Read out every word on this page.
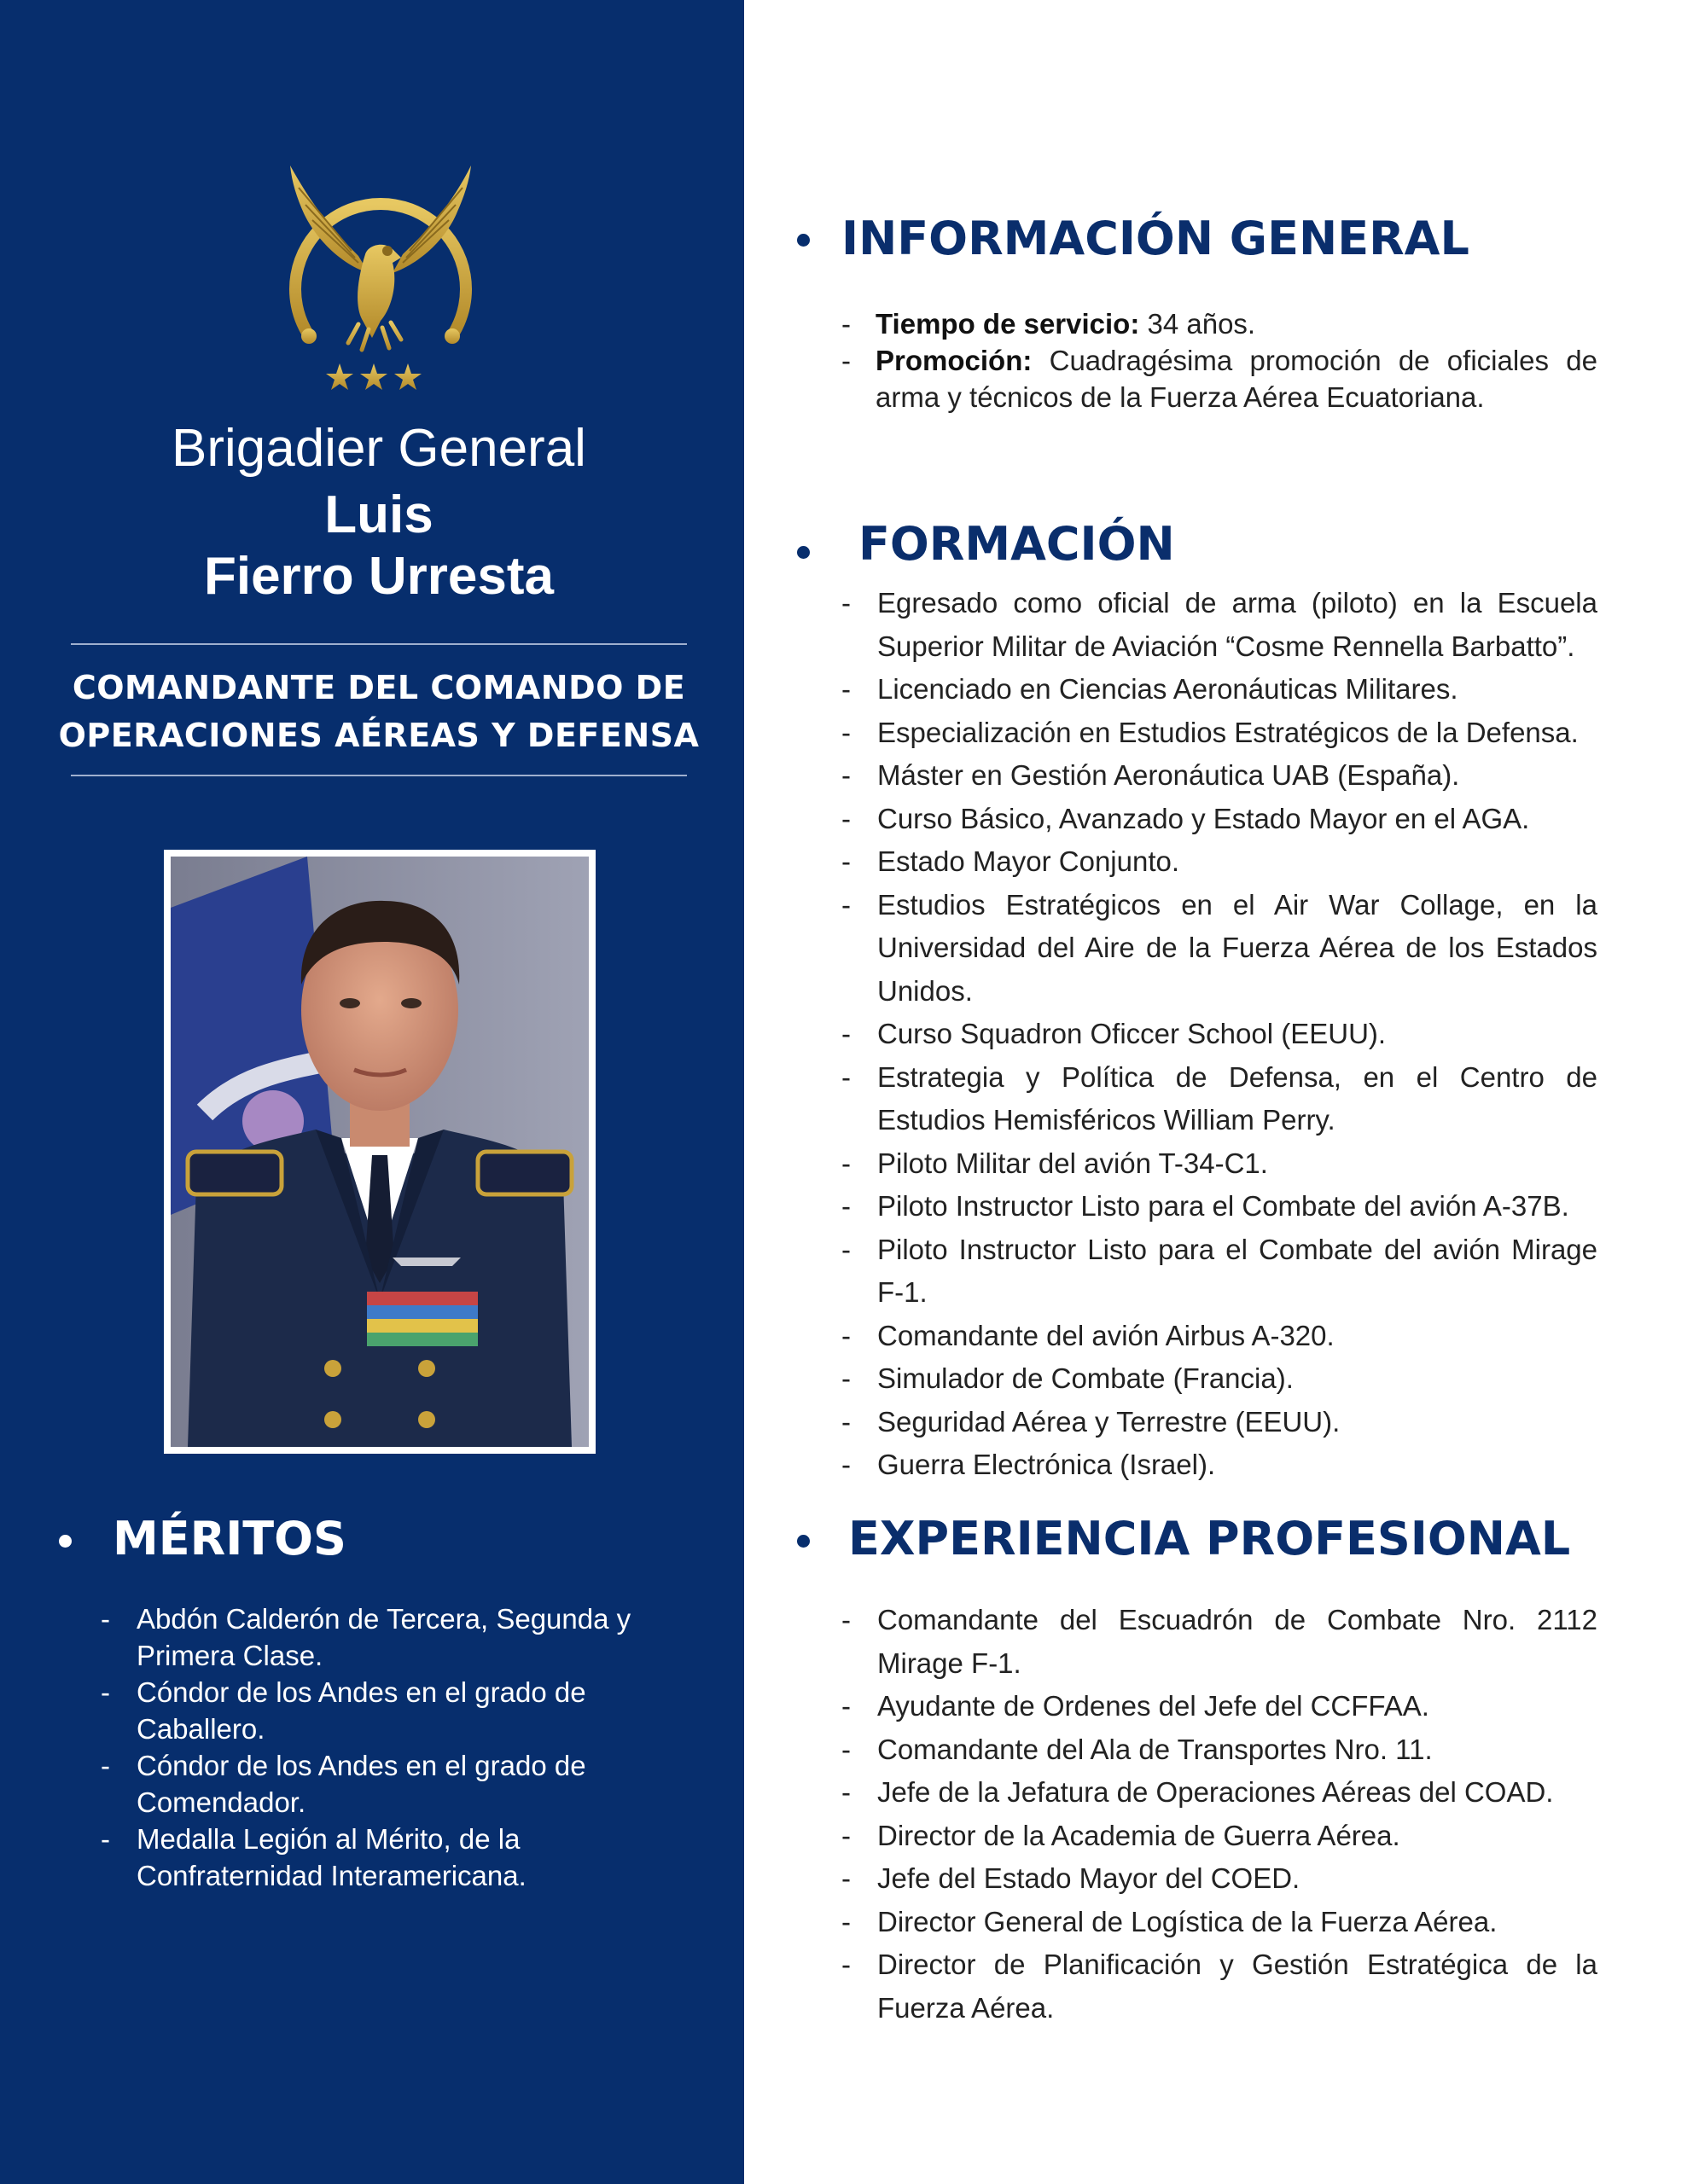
Brigadier General
Luis
Fierro Urresta
COMANDANTE DEL COMANDO DE
OPERACIONES AÉREAS Y DEFENSA
MÉRITOS
- Abdón Calderón de Tercera, Segunda y Primera Clase.
- Cóndor de los Andes en el grado de Caballero.
- Cóndor de los Andes en el grado de Comendador.
- Medalla Legión al Mérito, de la Confraternidad Interamericana.
INFORMACIÓN GENERAL
- Tiempo de servicio: 34 años.
- Promoción: Cuadragésima promoción de oficiales de arma y técnicos de la Fuerza Aérea Ecuatoriana.
FORMACIÓN
- Egresado como oficial de arma (piloto) en la Escuela Superior Militar de Aviación “Cosme Rennella Barbatto”.
- Licenciado en Ciencias Aeronáuticas Militares.
- Especialización en Estudios Estratégicos de la Defensa.
- Máster en Gestión Aeronáutica UAB (España).
- Curso Básico, Avanzado y Estado Mayor en el AGA.
- Estado Mayor Conjunto.
- Estudios Estratégicos en el Air War Collage, en la Universidad del Aire de la Fuerza Aérea de los Estados Unidos.
- Curso Squadron Oficcer School (EEUU).
- Estrategia y Política de Defensa, en el Centro de Estudios Hemisféricos William Perry.
- Piloto Militar del avión T-34-C1.
- Piloto Instructor Listo para el Combate del avión A-37B.
- Piloto Instructor Listo para el Combate del avión Mirage F-1.
- Comandante del avión Airbus A-320.
- Simulador de Combate (Francia).
- Seguridad Aérea y Terrestre (EEUU).
- Guerra Electrónica (Israel).
EXPERIENCIA PROFESIONAL
- Comandante del Escuadrón de Combate Nro. 2112 Mirage F-1.
- Ayudante de Ordenes del Jefe del CCFFAA.
- Comandante del Ala de Transportes Nro. 11.
- Jefe de la Jefatura de Operaciones Aéreas del COAD.
- Director de la Academia de Guerra Aérea.
- Jefe del Estado Mayor del COED.
- Director General de Logística de la Fuerza Aérea.
- Director de Planificación y Gestión Estratégica de la Fuerza Aérea.
